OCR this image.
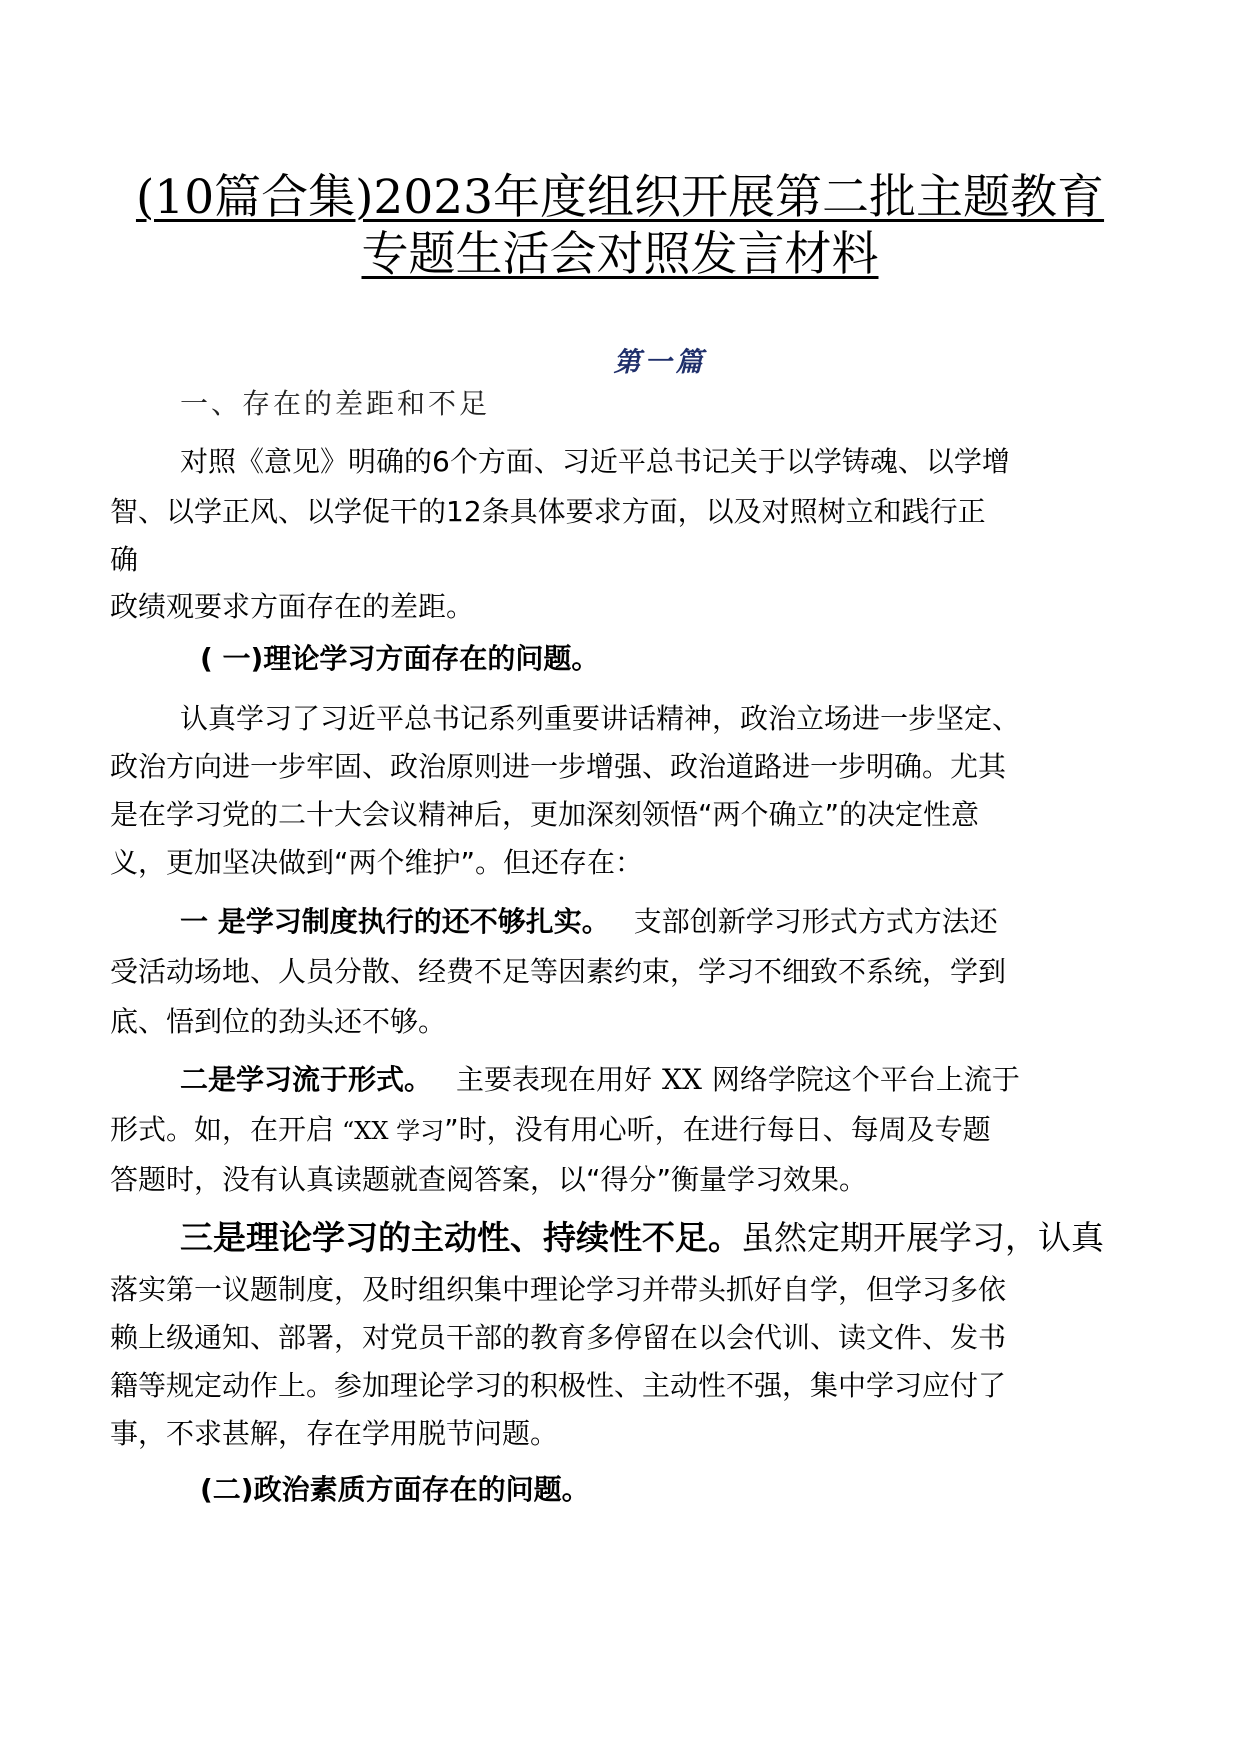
(10篇合集)2023年度组织开展第二批主题教育
专题生活会对照发言材料
第一篇
一、存在的差距和不足
对照《意见》明确的6个方面、习近平总书记关于以学铸魂、以学增
智、以学正风、以学促干的12条具体要求方面，以及对照树立和践行正
确
政绩观要求方面存在的差距。
( 一)理论学习方面存在的问题。
认真学习了习近平总书记系列重要讲话精神，政治立场进一步坚定、
政治方向进一步牢固、政治原则进一步增强、政治道路进一步明确。尤其
是在学习党的二十大会议精神后，更加深刻领悟“两个确立”的决定性意
义，更加坚决做到“两个维护”。但还存在：
一 是学习制度执行的还不够扎实。 支部创新学习形式方式方法还
受活动场地、人员分散、经费不足等因素约束，学习不细致不系统，学到
底、悟到位的劲头还不够。
二是学习流于形式。 主要表现在用好 XX 网络学院这个平台上流于
形式。如，在开启 “XX 学习”时，没有用心听，在进行每日、每周及专题
答题时，没有认真读题就查阅答案，以“得分”衡量学习效果。
三是理论学习的主动性、持续性不足。虽然定期开展学习，认真
落实第一议题制度，及时组织集中理论学习并带头抓好自学，但学习多依
赖上级通知、部署，对党员干部的教育多停留在以会代训、读文件、发书
籍等规定动作上。参加理论学习的积极性、主动性不强，集中学习应付了
事，不求甚解，存在学用脱节问题。
(二)政治素质方面存在的问题。
